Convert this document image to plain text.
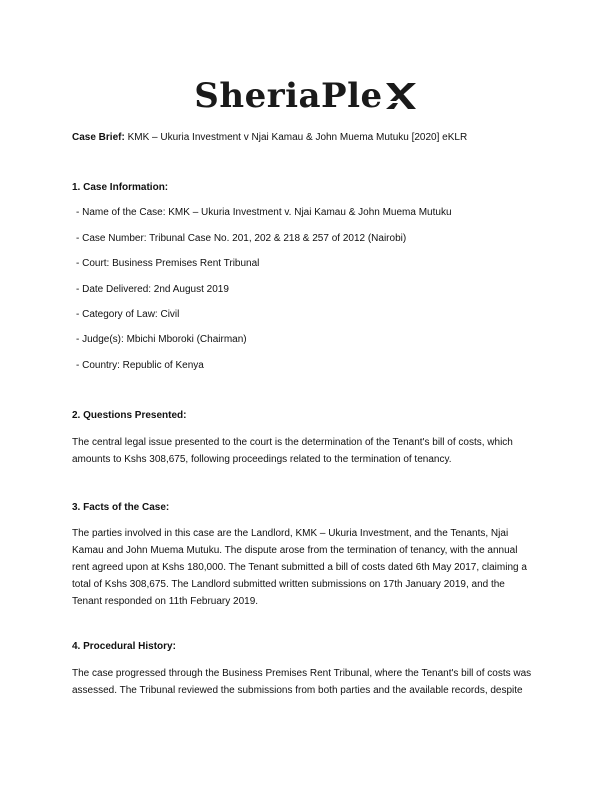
SheriaPle
Case Brief: KMK – Ukuria Investment v Njai Kamau & John Muema Mutuku [2020] eKLR
1. Case Information:
- Name of the Case: KMK – Ukuria Investment v. Njai Kamau & John Muema Mutuku
- Case Number: Tribunal Case No. 201, 202 & 218 & 257 of 2012 (Nairobi)
- Court: Business Premises Rent Tribunal
- Date Delivered: 2nd August 2019
- Category of Law: Civil
- Judge(s): Mbichi Mboroki (Chairman)
- Country: Republic of Kenya
2. Questions Presented:
The central legal issue presented to the court is the determination of the Tenant's bill of costs, which
amounts to Kshs 308,675, following proceedings related to the termination of tenancy.
3. Facts of the Case:
The parties involved in this case are the Landlord, KMK – Ukuria Investment, and the Tenants, Njai
Kamau and John Muema Mutuku. The dispute arose from the termination of tenancy, with the annual
rent agreed upon at Kshs 180,000. The Tenant submitted a bill of costs dated 6th May 2017, claiming a
total of Kshs 308,675. The Landlord submitted written submissions on 17th January 2019, and the
Tenant responded on 11th February 2019.
4. Procedural History:
The case progressed through the Business Premises Rent Tribunal, where the Tenant's bill of costs was
assessed. The Tribunal reviewed the submissions from both parties and the available records, despite
